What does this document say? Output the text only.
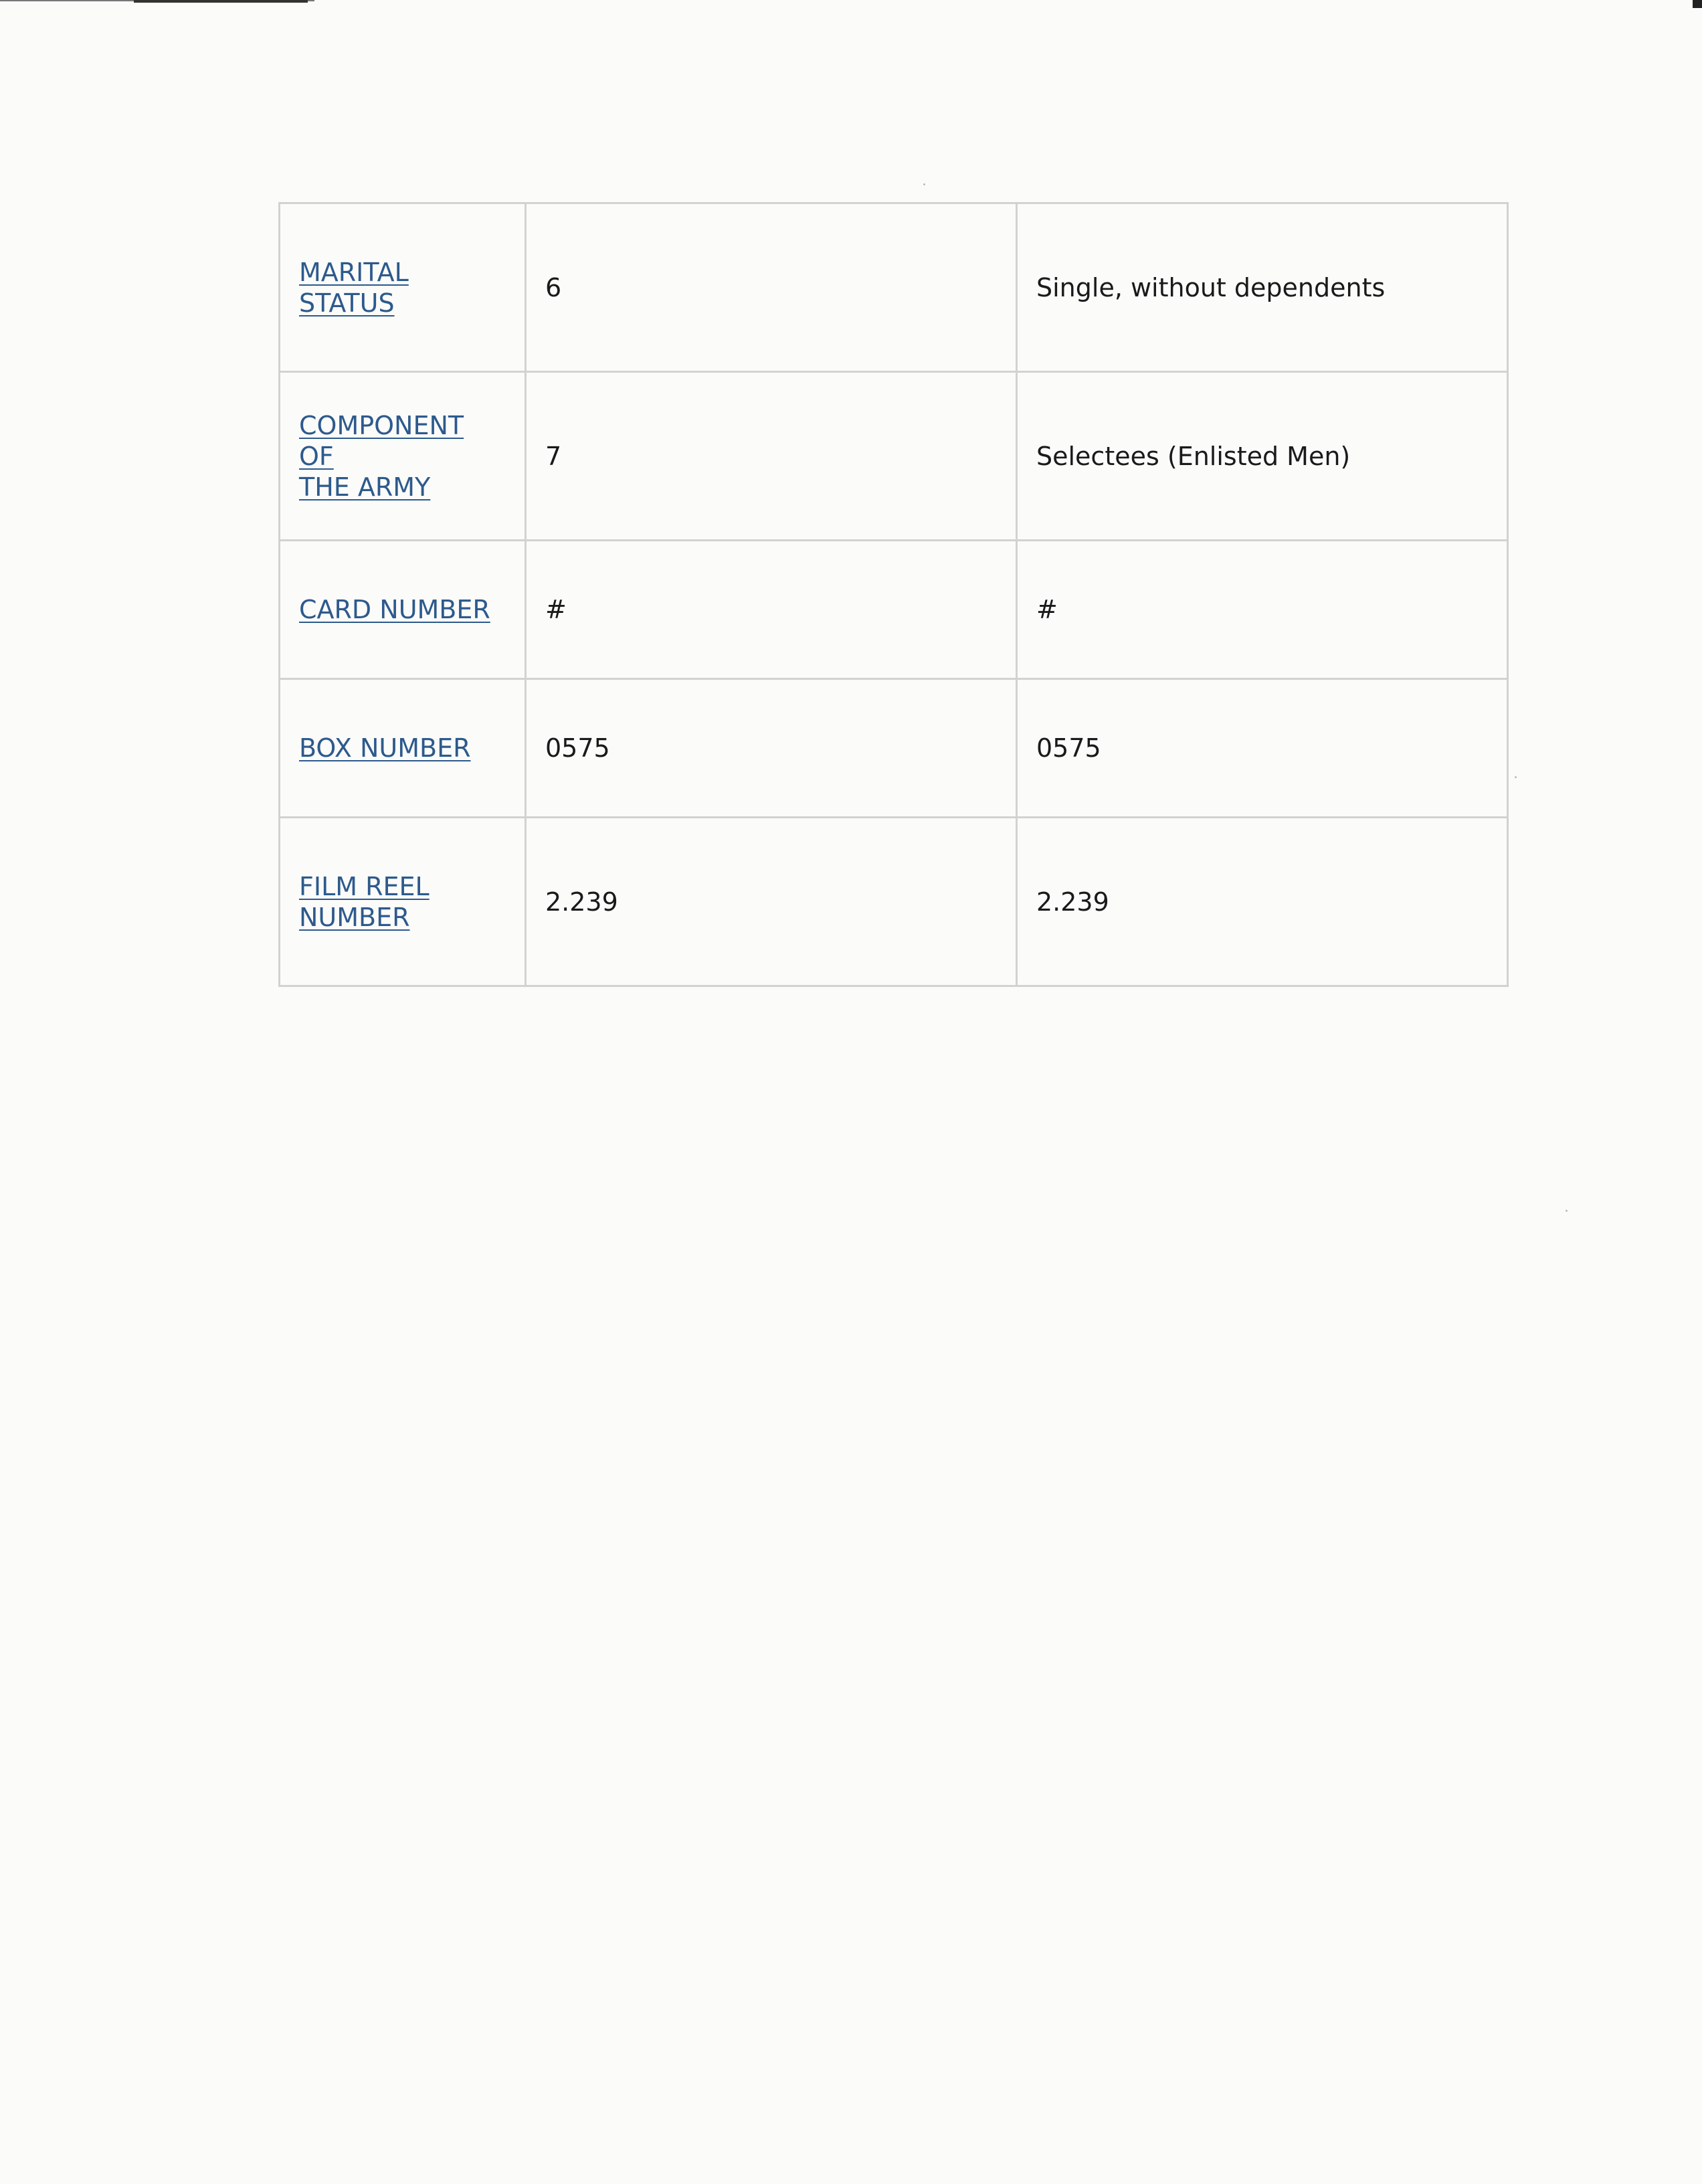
MARITAL
STATUS	6	Single, without dependents
COMPONENT OF
THE ARMY	7	Selectees (Enlisted Men)
CARD NUMBER	#	#
BOX NUMBER	0575	0575
FILM REEL
NUMBER	2.239	2.239
